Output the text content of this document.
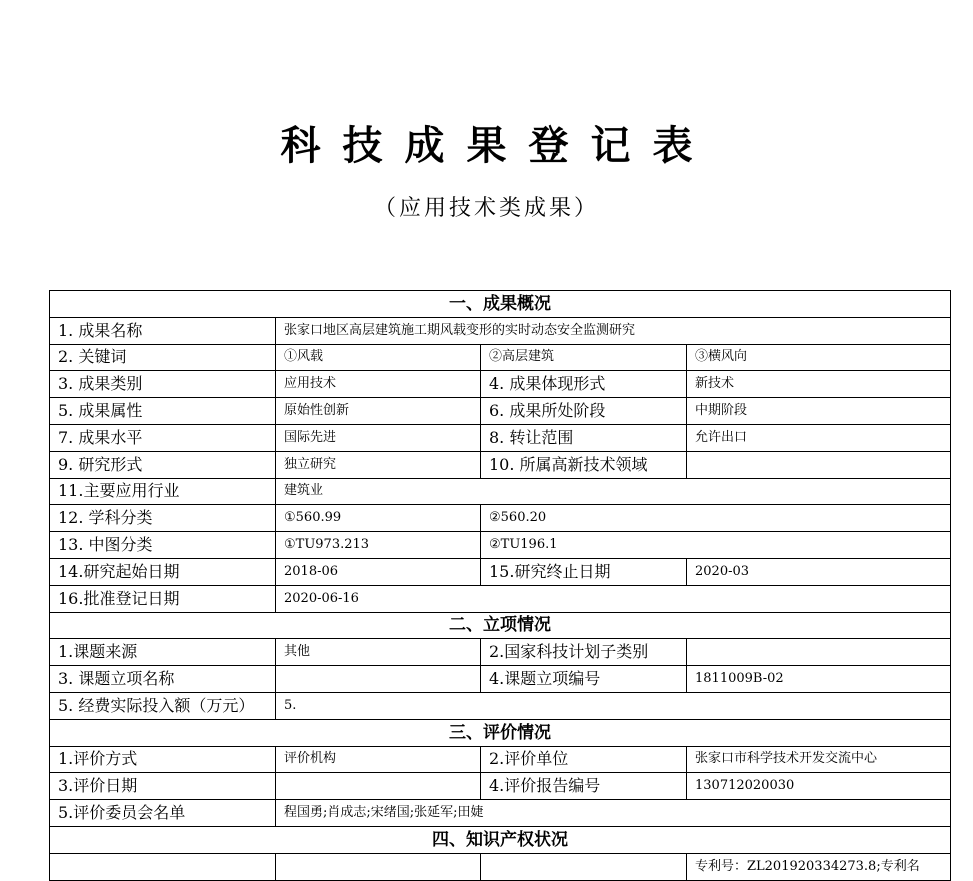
科技成果登记表
（应用技术类成果）
一、成果概况			
1. 成果名称	张家口地区高层建筑施工期风载变形的实时动态安全监测研究		
2. 关键词	①风载	②高层建筑	③横风向
3. 成果类别	应用技术	4. 成果体现形式	新技术
5. 成果属性	原始性创新	6. 成果所处阶段	中期阶段
7. 成果水平	国际先进	8. 转让范围	允许出口
9. 研究形式	独立研究	10. 所属高新技术领域	
11.主要应用行业	建筑业		
12. 学科分类	①560.99	②560.20	
13. 中图分类	①TU973.213	②TU196.1	
14.研究起始日期	2018-06	15.研究终止日期	2020-03
16.批准登记日期	2020-06-16		
二、立项情况			
1.课题来源	其他	2.国家科技计划子类别	
3. 课题立项名称		4.课题立项编号	1811009B-02
5. 经费实际投入额（万元）	5.		
三、评价情况			
1.评价方式	评价机构	2.评价单位	张家口市科学技术开发交流中心
3.评价日期		4.评价报告编号	130712020030
5.评价委员会名单	程国勇;肖成志;宋绪国;张延军;田婕		
四、知识产权状况			
			专利号：ZL201920334273.8;专利名
